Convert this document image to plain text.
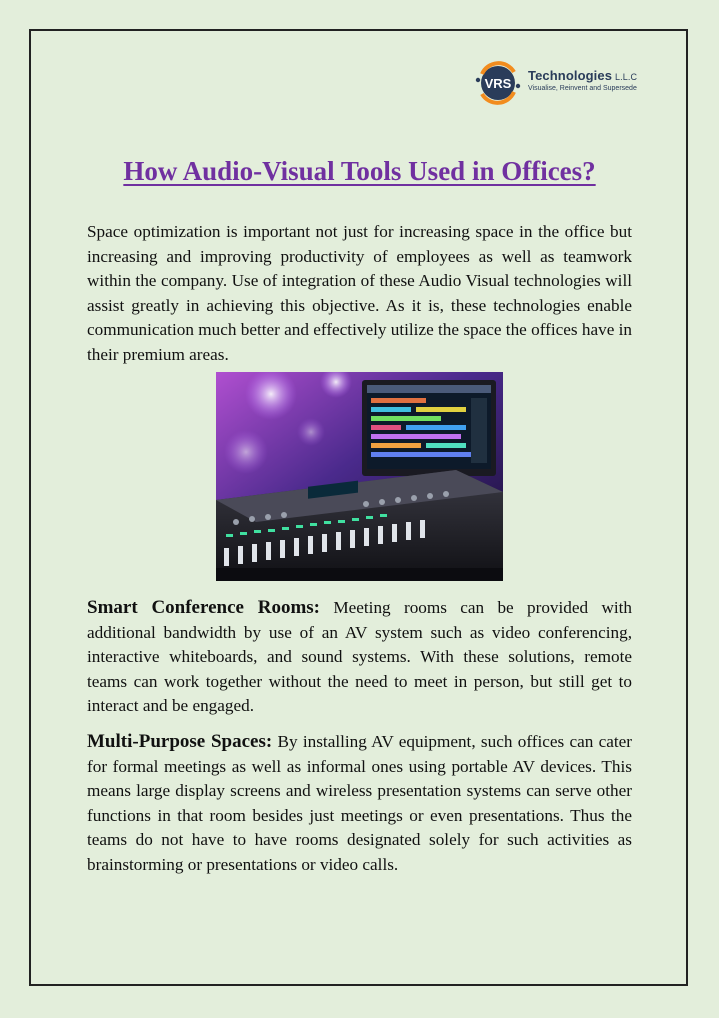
VRS
Technologies L.L.C
Visualise, Reinvent and Supersede
How Audio-Visual Tools Used in Offices?

Space optimization is important not just for increasing space in the office but increasing and improving productivity of employees as well as teamwork within the company. Use of integration of these Audio Visual technologies will assist greatly in achieving this objective. As it is, these technologies enable communication much better and effectively utilize the space the offices have in their premium areas.

Smart Conference Rooms: Meeting rooms can be provided with additional bandwidth by use of an AV system such as video conferencing, interactive whiteboards, and sound systems. With these solutions, remote teams can work together without the need to meet in person, but still get to interact and be engaged.

Multi-Purpose Spaces: By installing AV equipment, such offices can cater for formal meetings as well as informal ones using portable AV devices. This means large display screens and wireless presentation systems can serve other functions in that room besides just meetings or even presentations. Thus the teams do not have to have rooms designated solely for such activities as brainstorming or presentations or video calls.
